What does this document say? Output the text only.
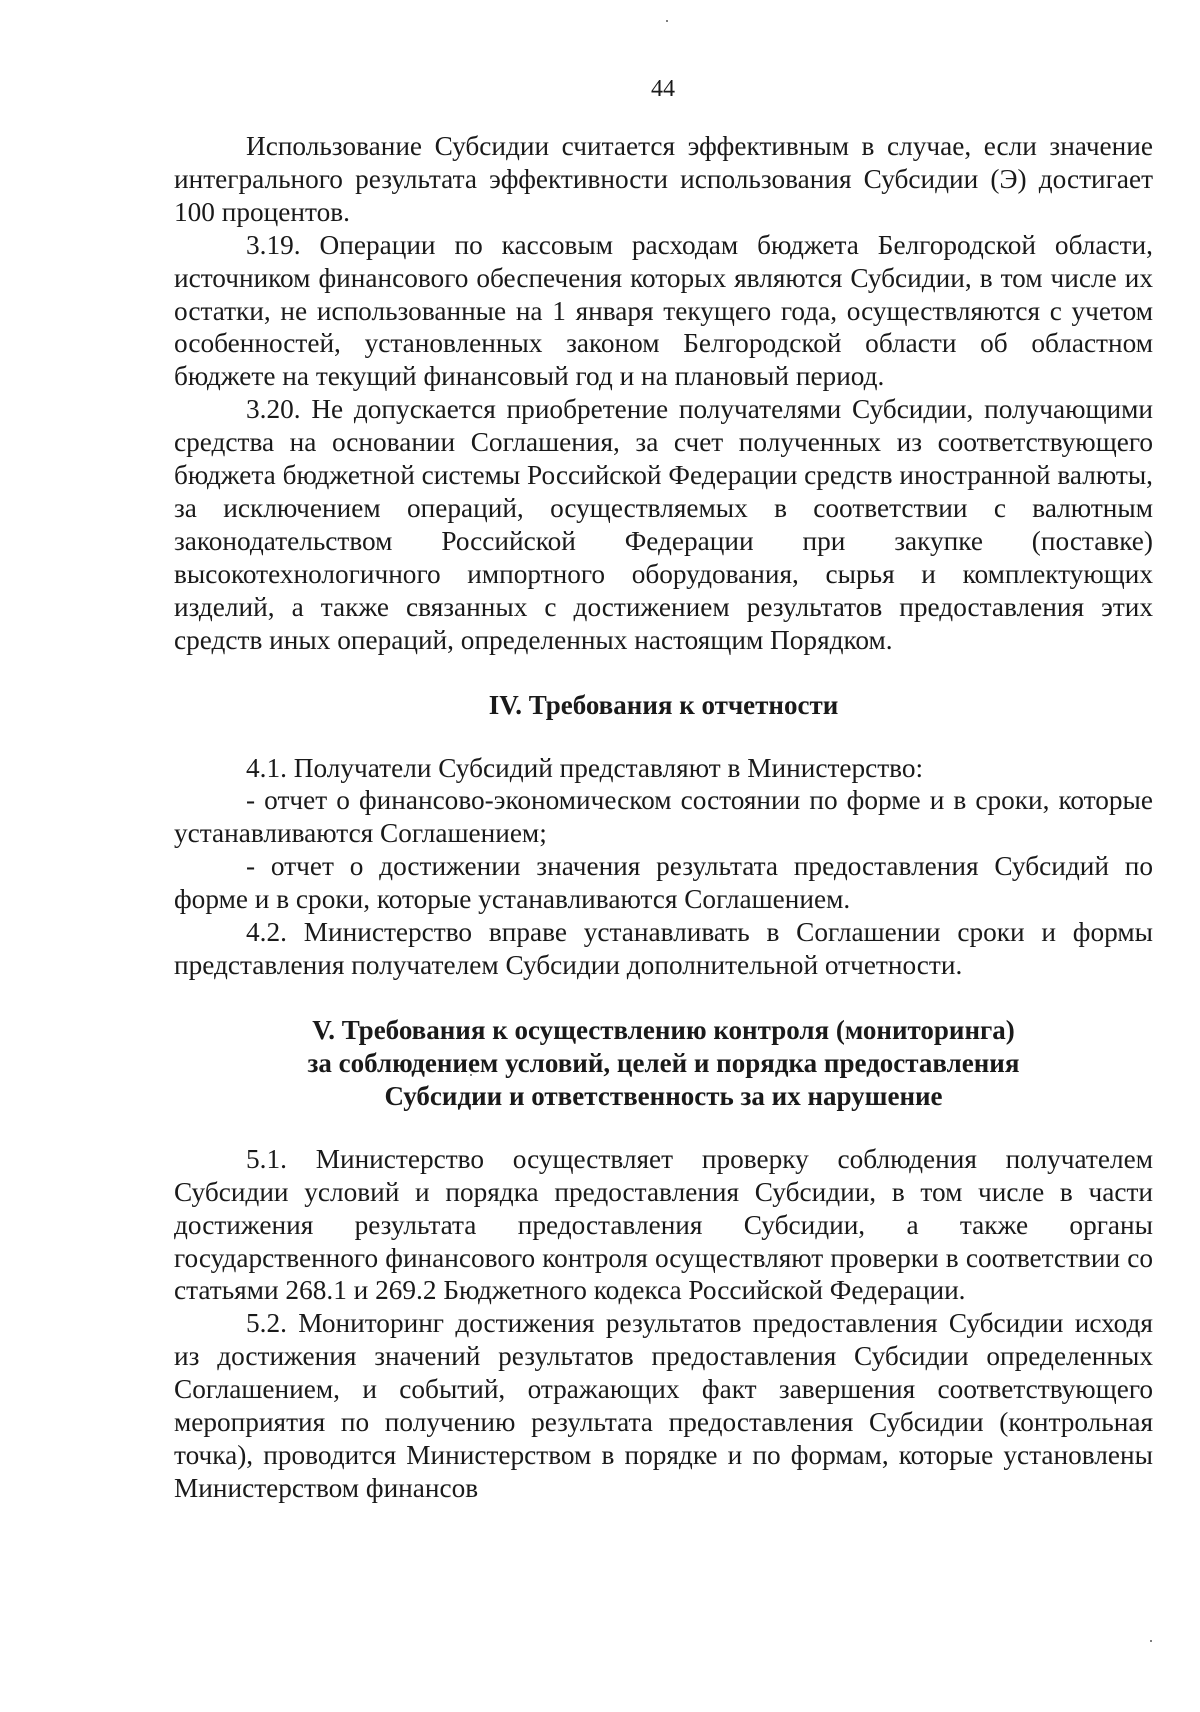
44

Использование Субсидии считается эффективным в случае, если значение интегрального результата эффективности использования Субсидии (Э) достигает 100 процентов.

3.19. Операции по кассовым расходам бюджета Белгородской области, источником финансового обеспечения которых являются Субсидии, в том числе их остатки, не использованные на 1 января текущего года, осуществляются с учетом особенностей, установленных законом Белгородской области об областном бюджете на текущий финансовый год и на плановый период.

3.20. Не допускается приобретение получателями Субсидии, получающими средства на основании Соглашения, за счет полученных из соответствующего бюджета бюджетной системы Российской Федерации средств иностранной валюты, за исключением операций, осуществляемых в соответствии с валютным законодательством Российской Федерации при закупке (поставке) высокотехнологичного импортного оборудования, сырья и комплектующих изделий, а также связанных с достижением результатов предоставления этих средств иных операций, определенных настоящим Порядком.

IV. Требования к отчетности

4.1. Получатели Субсидий представляют в Министерство:

- отчет о финансово-экономическом состоянии по форме и в сроки, которые устанавливаются Соглашением;

- отчет о достижении значения результата предоставления Субсидий по форме и в сроки, которые устанавливаются Соглашением.

4.2. Министерство вправе устанавливать в Соглашении сроки и формы представления получателем Субсидии дополнительной отчетности.

V. Требования к осуществлению контроля (мониторинга)
за соблюдением условий, целей и порядка предоставления
Субсидии и ответственность за их нарушение

5.1. Министерство осуществляет проверку соблюдения получателем Субсидии условий и порядка предоставления Субсидии, в том числе в части достижения результата предоставления Субсидии, а также органы государственного финансового контроля осуществляют проверки в соответствии со статьями 268.1 и 269.2 Бюджетного кодекса Российской Федерации.

5.2. Мониторинг достижения результатов предоставления Субсидии исходя из достижения значений результатов предоставления Субсидии определенных Соглашением, и событий, отражающих факт завершения соответствующего мероприятия по получению результата предоставления Субсидии (контрольная точка), проводится Министерством в порядке и по формам, которые установлены Министерством финансов
